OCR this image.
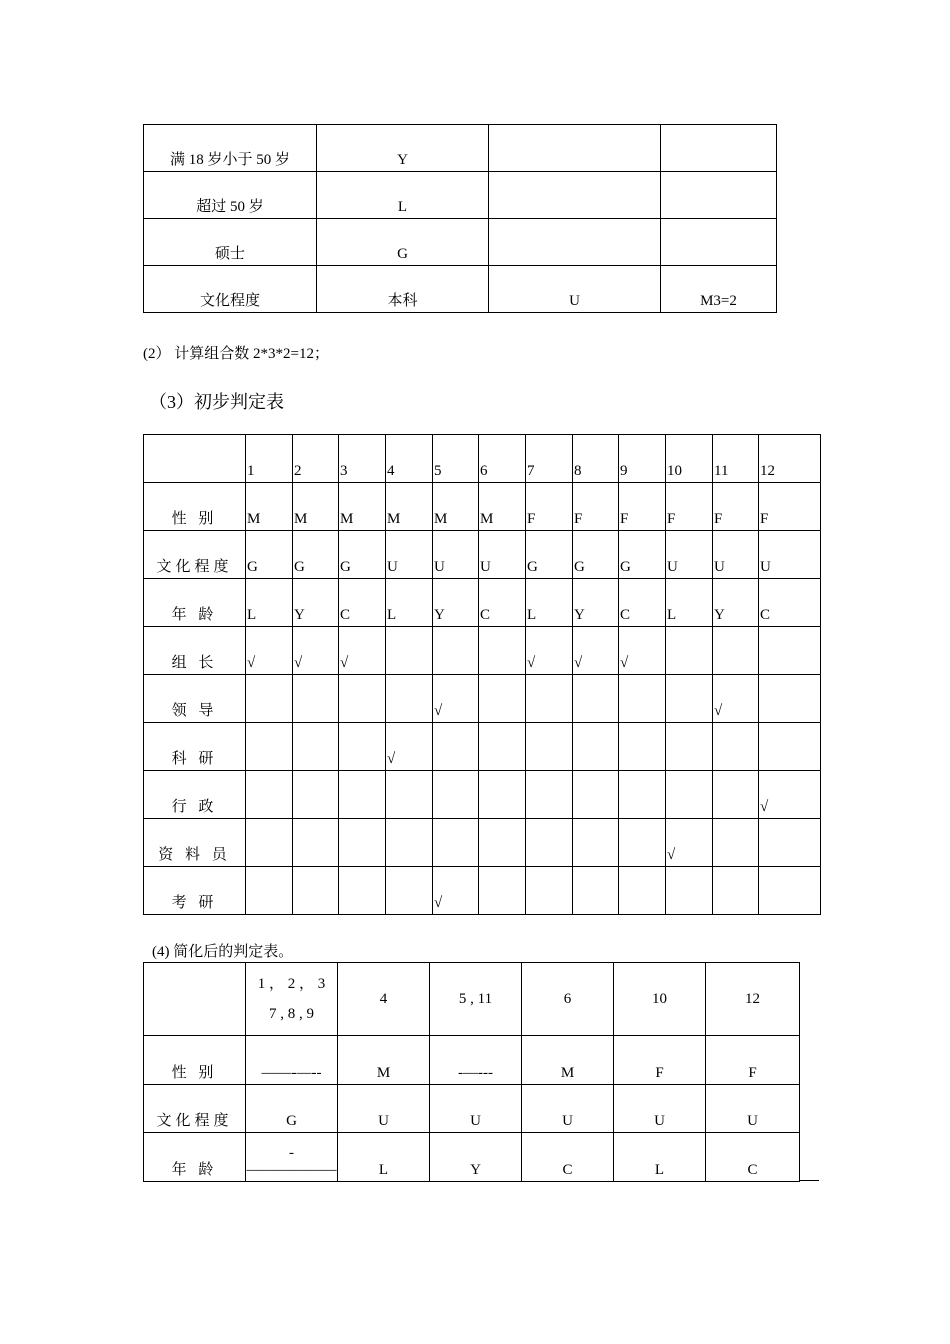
满 18 岁小于 50 岁	Y		
超过 50 岁	L		
硕士	G		
文化程度	本科	U	M3=2
(2） 计算组合数 2*3*2=12；
（3）初步判定表
	1	2	3	4	5	6	7	8	9	10	11	12
性 别	M	M	M	M	M	M	F	F	F	F	F	F
文化程度	G	G	G	U	U	U	G	G	G	U	U	U
年 龄	L	Y	C	L	Y	C	L	Y	C	L	Y	C
组 长	√	√	√				√	√	√			
领 导					√						√	
科 研				√								
行 政												√
资 料 员										√		
考 研					√							
(4) 简化后的判定表。

	1 ， 2 ， 3
7 , 8 , 9	4	5 , 11	6	10	12
性 别	——-—--	M	-—---	M	F	F
文化程度	G	U	U	U	U	U
年 龄	-——————	L	Y	C	L	C
